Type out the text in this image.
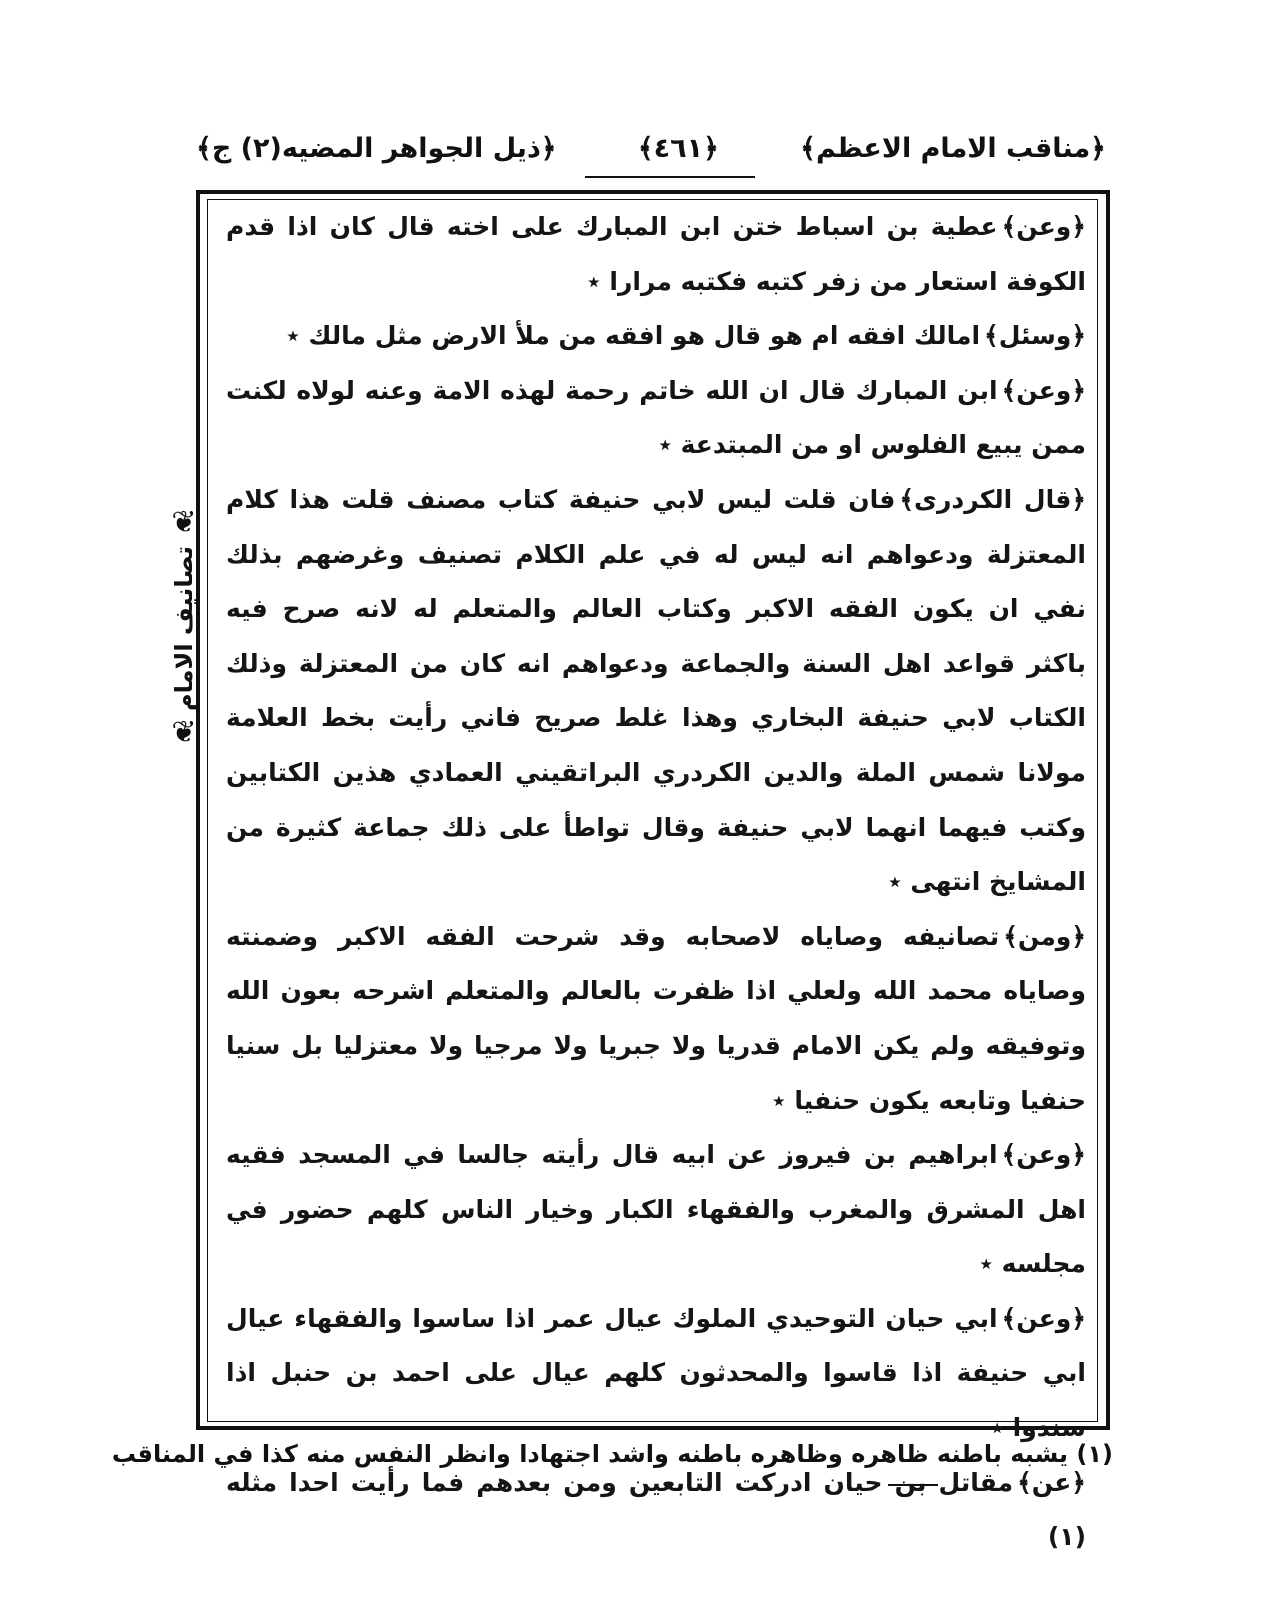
﴿مناقب الامام الاعظم﴾
﴿٤٦١﴾
﴿ذيل الجواهر المضيه(٢) ج﴾

﴿وعن﴾عطية بن اسباط ختن ابن المبارك على اخته قال كان اذا قدم الكوفة استعار من زفر كتبه فكتبه مرارا ٭

﴿وسئل﴾امالك افقه ام هو قال هو افقه من ملأ الارض مثل مالك ٭

﴿وعن﴾ابن المبارك قال ان الله خاتم رحمة لهذه الامة وعنه لولاه لكنت ممن يبيع الفلوس او من المبتدعة ٭

﴿قال الكردرى﴾فان قلت ليس لابي حنيفة كتاب مصنف قلت هذا كلام المعتزلة ودعواهم انه ليس له في علم الكلام تصنيف وغرضهم بذلك نفي ان يكون الفقه الاكبر وكتاب العالم والمتعلم له لانه صرح فيه باكثر قواعد اهل السنة والجماعة ودعواهم انه كان من المعتزلة وذلك الكتاب لابي حنيفة البخاري وهذا غلط صريح فاني رأيت بخط العلامة مولانا شمس الملة والدين الكردري البراتقيني العمادي هذين الكتابين وكتب فيهما انهما لابي حنيفة وقال تواطأ على ذلك جماعة كثيرة من المشايخ انتهى ٭

﴿ومن﴾تصانيفه وصاياه لاصحابه وقد شرحت الفقه الاكبر وضمنته وصاياه محمد الله ولعلي اذا ظفرت بالعالم والمتعلم اشرحه بعون الله وتوفيقه ولم يكن الامام قدريا ولا جبريا ولا مرجيا ولا معتزليا بل سنيا حنفيا وتابعه يكون حنفيا ٭

﴿وعن﴾ابراهيم بن فيروز عن ابيه قال رأيته جالسا في المسجد فقيه اهل المشرق والمغرب والفقهاء الكبار وخيار الناس كلهم حضور في مجلسه ٭

﴿وعن﴾ابي حيان التوحيدي الملوك عيال عمر اذا ساسوا والفقهاء عيال ابي حنيفة اذا قاسوا والمحدثون كلهم عيال على احمد بن حنبل اذا سندوا ٭

﴿عن﴾مقاتل بن حيان ادركت التابعين ومن بعدهم فما رأيت احدا مثله (١)

❦
تصانيف الامام
❦
(١) يشبه باطنه ظاهره وظاهره باطنه واشد اجتهادا وانظر النفس منه كذا في المناقب
